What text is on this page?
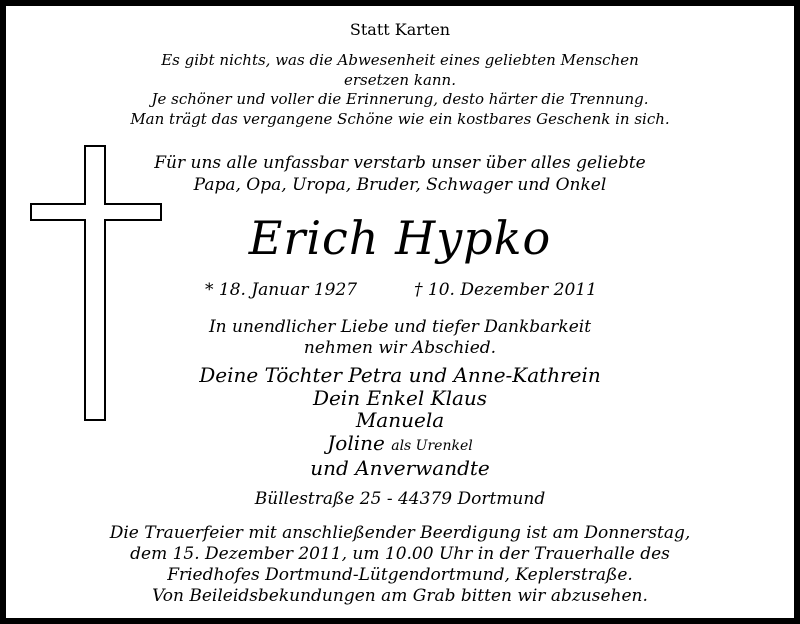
Statt Karten
Es gibt nichts, was die Abwesenheit eines geliebten Menschen
ersetzen kann.
Je schöner und voller die Erinnerung, desto härter die Trennung.
Man trägt das vergangene Schöne wie ein kostbares Geschenk in sich.
Für uns alle unfassbar verstarb unser über alles geliebte
Papa, Opa, Uropa, Bruder, Schwager und Onkel
Erich Hypko
* 18. Januar 1927	† 10. Dezember 2011
In unendlicher Liebe und tiefer Dankbarkeit
nehmen wir Abschied.
Deine Töchter Petra und Anne-Kathrein
Dein Enkel Klaus
Manuela
Joline als Urenkel
und Anverwandte
Büllestraße 25 - 44379 Dortmund
Die Trauerfeier mit anschließender Beerdigung ist am Donnerstag,
dem 15. Dezember 2011, um 10.00 Uhr in der Trauerhalle des
Friedhofes Dortmund-Lütgendortmund, Keplerstraße.
Von Beileidsbekundungen am Grab bitten wir abzusehen.
